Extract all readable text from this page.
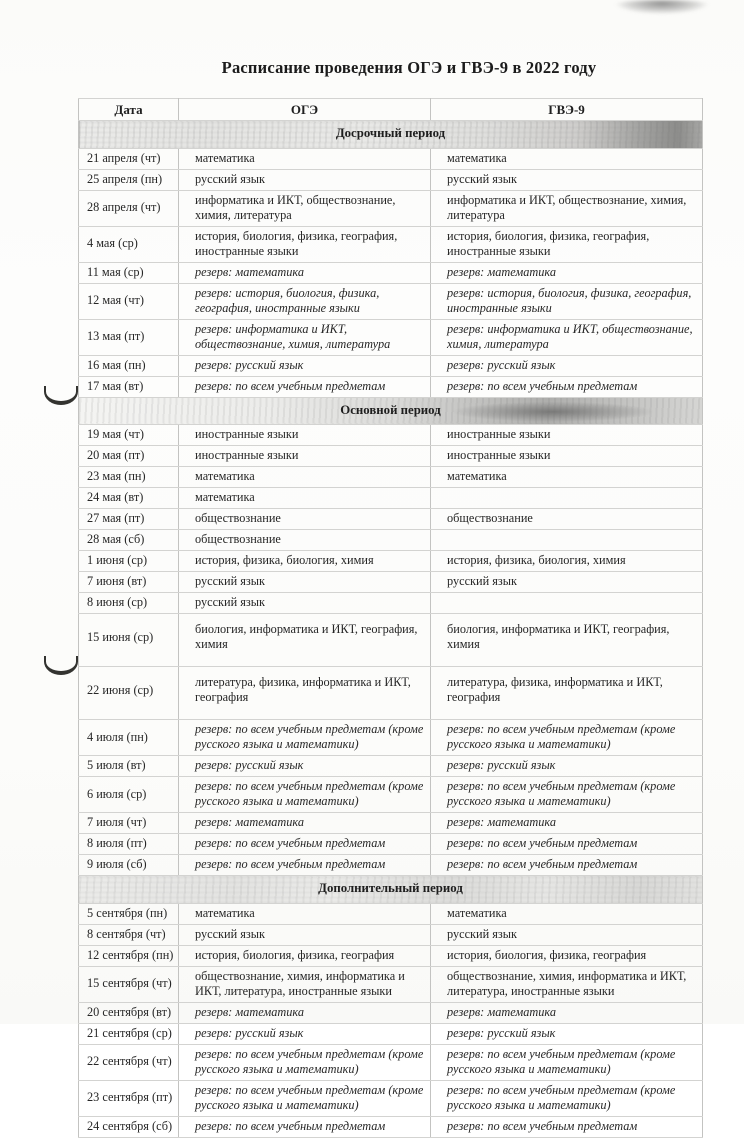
Расписание проведения ОГЭ и ГВЭ-9 в 2022 году
Дата	ОГЭ	ГВЭ-9
Досрочный период		
21 апреля (чт)	математика	математика
25 апреля (пн)	русский язык	русский язык
28 апреля (чт)	информатика и ИКТ, обществознание, химия, литература	информатика и ИКТ, обществознание, химия, литература
4 мая (ср)	история, биология, физика, география, иностранные языки	история, биология, физика, география, иностранные языки
11 мая (ср)	резерв: математика	резерв: математика
12 мая (чт)	резерв: история, биология, физика, география, иностранные языки	резерв: история, биология, физика, география, иностранные языки
13 мая (пт)	резерв: информатика и ИКТ, обществознание, химия, литература	резерв: информатика и ИКТ, обществознание, химия, литература
16 мая (пн)	резерв: русский язык	резерв: русский язык
17 мая (вт)	резерв: по всем учебным предметам	резерв: по всем учебным предметам
Основной период		
19 мая (чт)	иностранные языки	иностранные языки
20 мая (пт)	иностранные языки	иностранные языки
23 мая (пн)	математика	математика
24 мая (вт)	математика	
27 мая (пт)	обществознание	обществознание
28 мая (сб)	обществознание	
1 июня (ср)	история, физика, биология, химия	история, физика, биология, химия
7 июня (вт)	русский язык	русский язык
8 июня (ср)	русский язык	
15 июня (ср)	биология, информатика и ИКТ, география, химия	биология, информатика и ИКТ, география, химия
22 июня (ср)	литература, физика, информатика и ИКТ, география	литература, физика, информатика и ИКТ, география
4 июля (пн)	резерв: по всем учебным предметам (кроме русского языка и математики)	резерв: по всем учебным предметам (кроме русского языка и математики)
5 июля (вт)	резерв: русский язык	резерв: русский язык
6 июля (ср)	резерв: по всем учебным предметам (кроме русского языка и математики)	резерв: по всем учебным предметам (кроме русского языка и математики)
7 июля (чт)	резерв: математика	резерв: математика
8 июля (пт)	резерв: по всем учебным предметам	резерв: по всем учебным предметам
9 июля (сб)	резерв: по всем учебным предметам	резерв: по всем учебным предметам
Дополнительный период		
5 сентября (пн)	математика	математика
8 сентября (чт)	русский язык	русский язык
12 сентября (пн)	история, биология, физика, география	история, биология, физика, география
15 сентября (чт)	обществознание, химия, информатика и ИКТ, литература, иностранные языки	обществознание, химия, информатика и ИКТ, литература, иностранные языки
20 сентября (вт)	резерв: математика	резерв: математика
21 сентября (ср)	резерв: русский язык	резерв: русский язык
22 сентября (чт)	резерв: по всем учебным предметам (кроме русского языка и математики)	резерв: по всем учебным предметам (кроме русского языка и математики)
23 сентября (пт)	резерв: по всем учебным предметам (кроме русского языка и математики)	резерв: по всем учебным предметам (кроме русского языка и математики)
24 сентября (сб)	резерв: по всем учебным предметам	резерв: по всем учебным предметам
